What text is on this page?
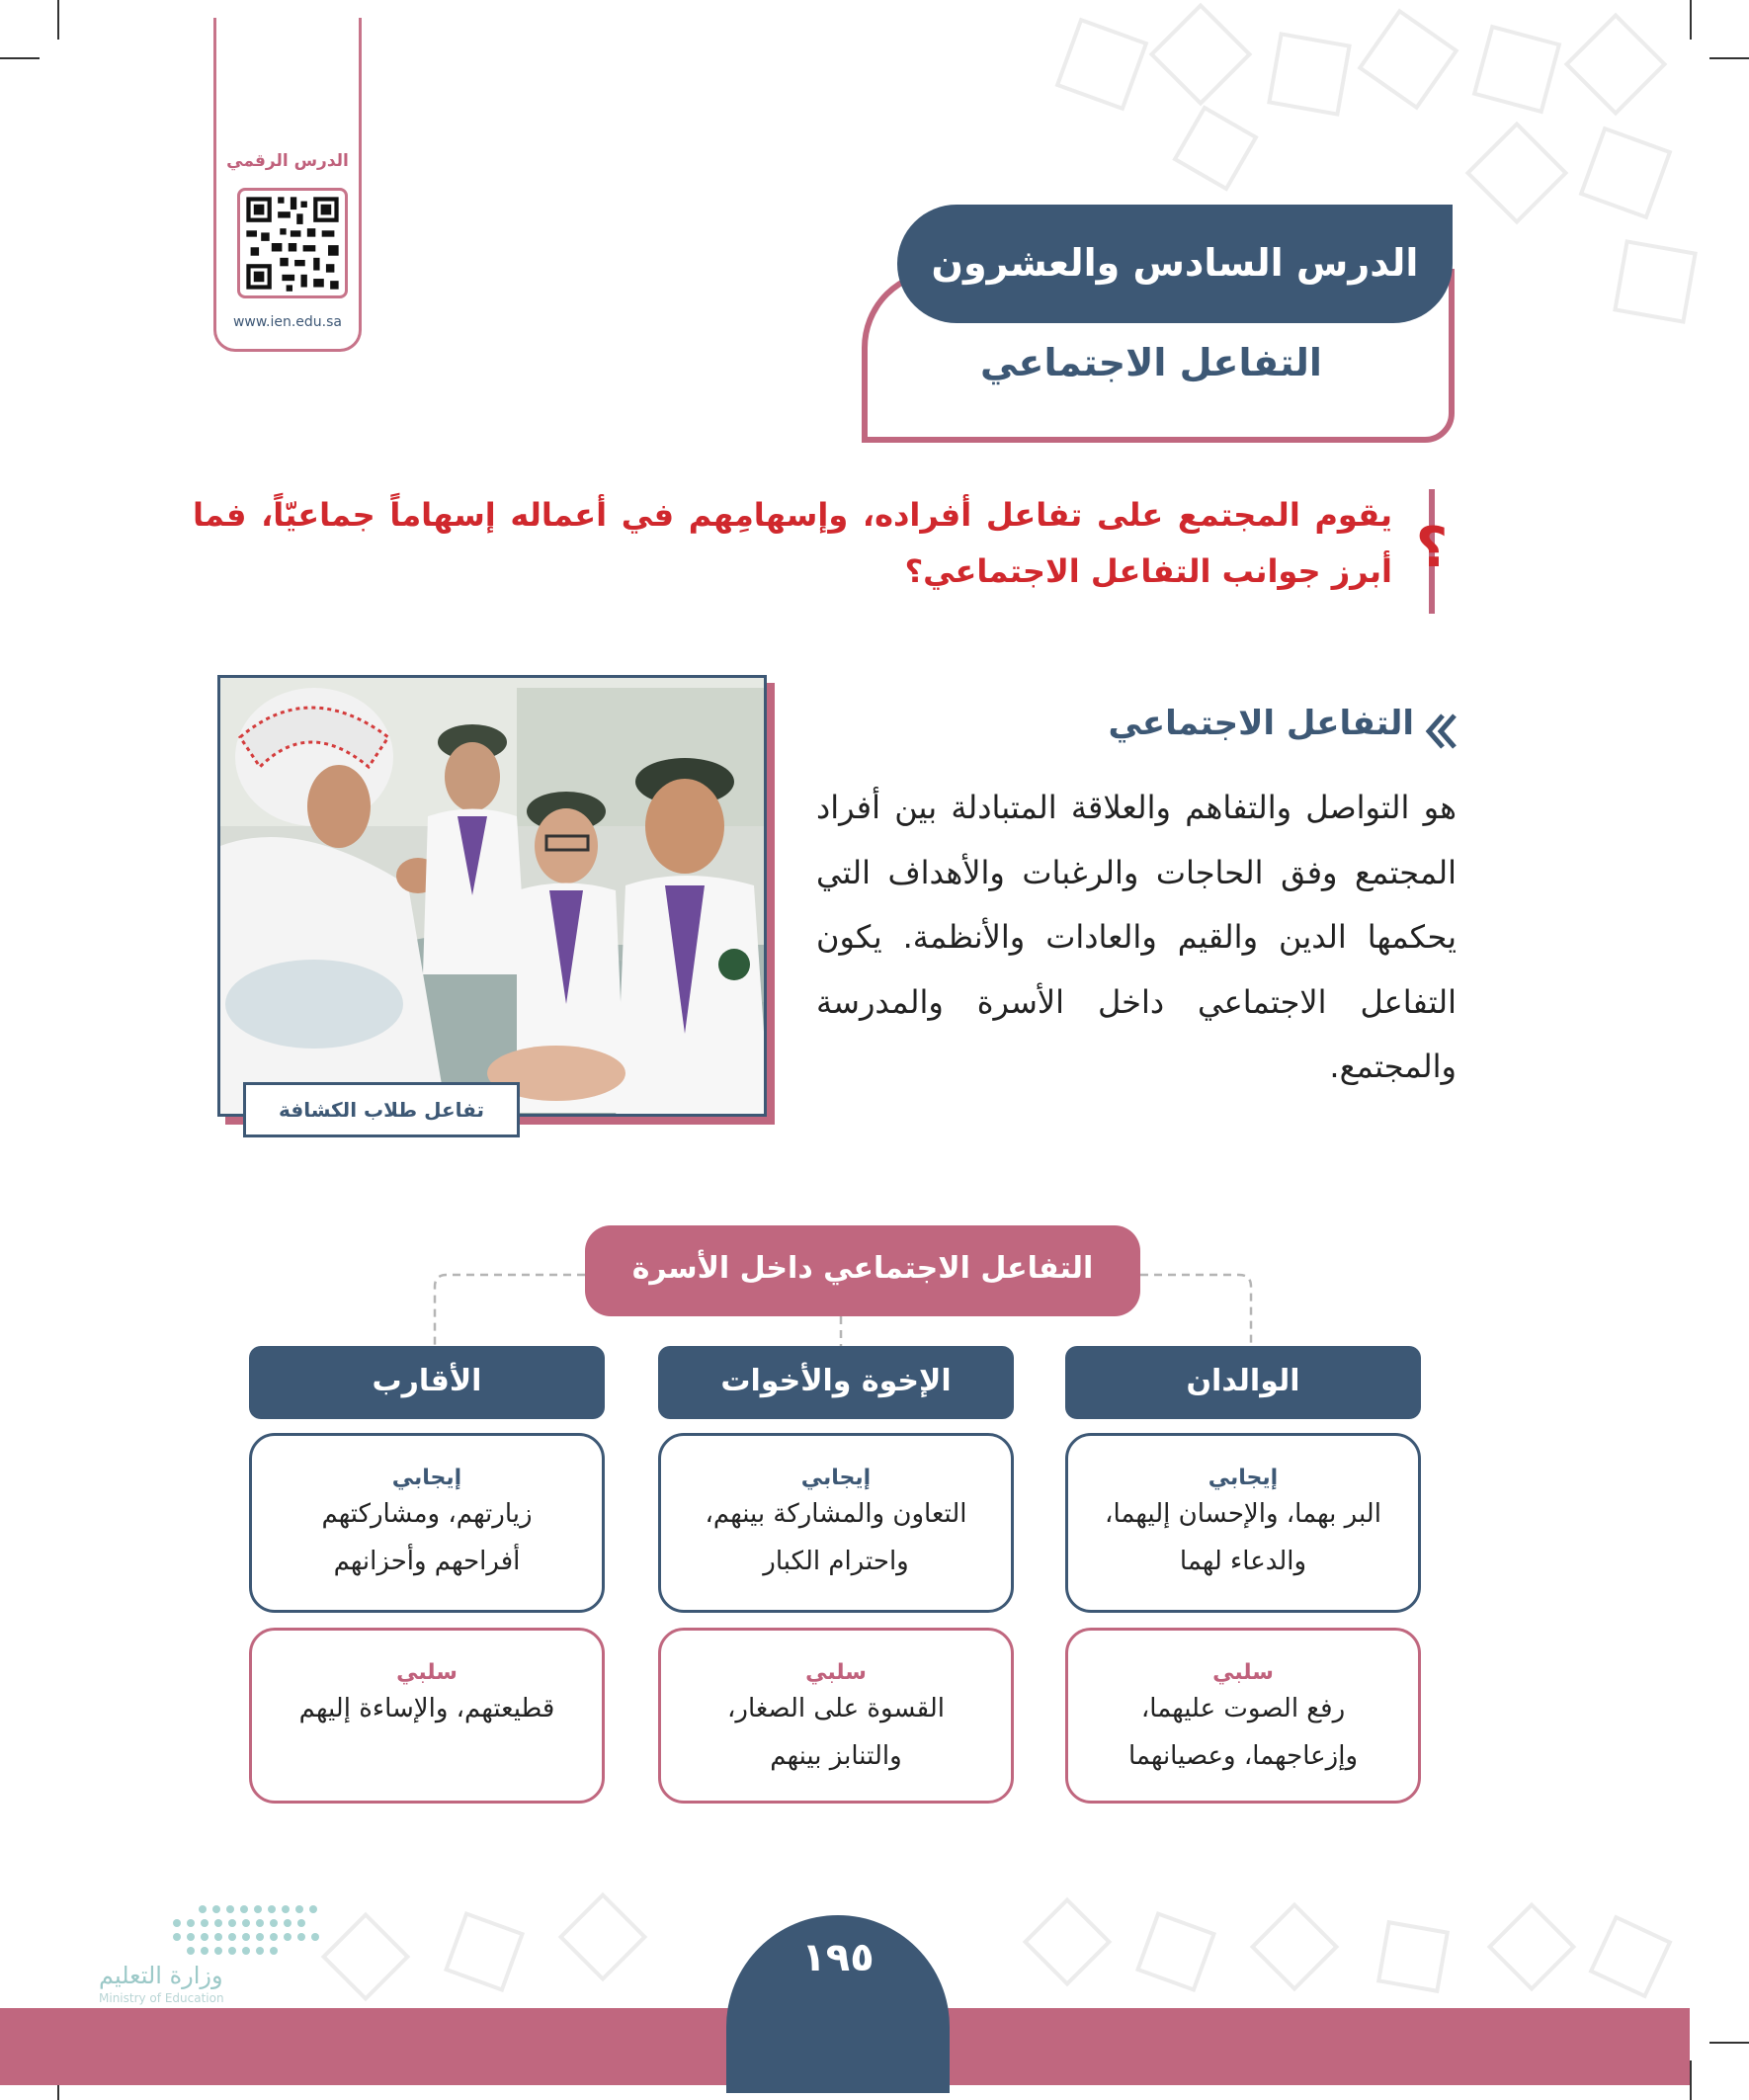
الدرس الرقمي
www.ien.edu.sa
الدرس السادس والعشرون
التفاعل الاجتماعي
؟
يقوم المجتمع على تفاعل أفراده، وإسهامِهم في أعماله إسهاماً جماعيّاً، فما أبرز جوانب التفاعل الاجتماعي؟
تفاعل طلاب الكشافة
التفاعل الاجتماعي
هو التواصل والتفاهم والعلاقة المتبادلة بين أفراد المجتمع وفق الحاجات والرغبات والأهداف التي يحكمها الدين والقيم والعادات والأنظمة. يكون التفاعل الاجتماعي داخل الأسرة والمدرسة والمجتمع.
التفاعل الاجتماعي داخل الأسرة
الوالدان
إيجابي
البر بهما، والإحسان إليهما،
والدعاء لهما
سلبي
رفع الصوت عليهما،
وإزعاجهما، وعصيانهما
الإخوة والأخوات
إيجابي
التعاون والمشاركة بينهم،
واحترام الكبار
سلبي
القسوة على الصغار،
والتنابز بينهم
الأقارب
إيجابي
زيارتهم، ومشاركتهم
أفراحهم وأحزانهم
سلبي
قطيعتهم، والإساءة إليهم
١٩٥
وزارة التعليم
Ministry of Education
